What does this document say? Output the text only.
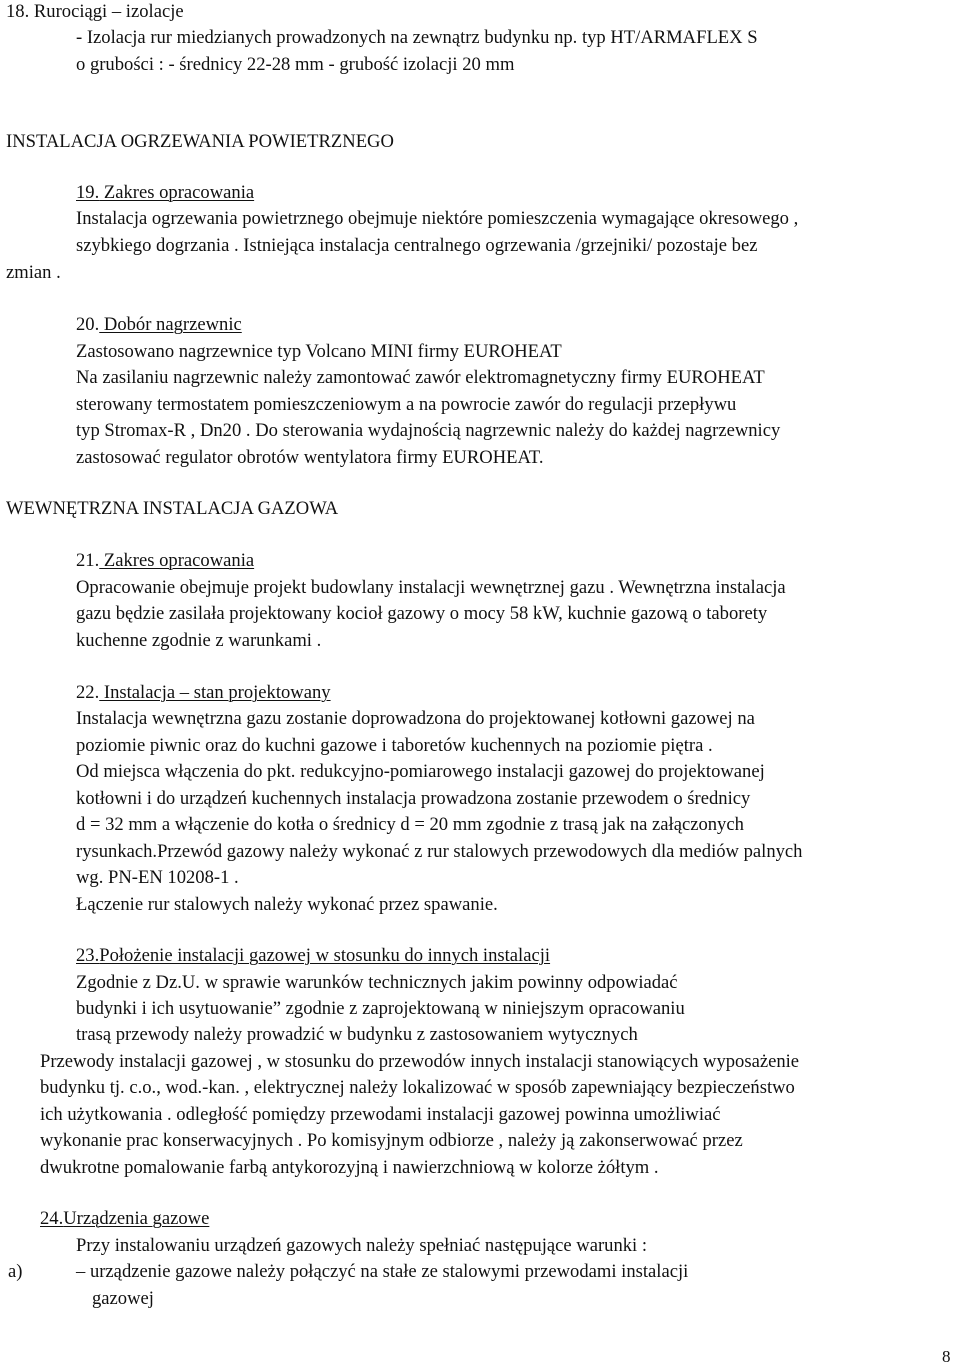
18. Rurociągi – izolacje
- Izolacja rur miedzianych prowadzonych na zewnątrz budynku np. typ HT/ARMAFLEX S
o grubości : - średnicy 22-28 mm - grubość izolacji 20 mm
INSTALACJA OGRZEWANIA POWIETRZNEGO
19. Zakres opracowania
Instalacja ogrzewania powietrznego obejmuje niektóre pomieszczenia wymagające okresowego ,
szybkiego dogrzania . Istniejąca instalacja centralnego ogrzewania /grzejniki/ pozostaje bez
zmian .
20. Dobór nagrzewnic
Zastosowano nagrzewnice typ Volcano MINI firmy EUROHEAT
Na zasilaniu nagrzewnic należy zamontować zawór elektromagnetyczny firmy EUROHEAT
sterowany termostatem pomieszczeniowym a na powrocie zawór do regulacji przepływu
typ Stromax-R , Dn20 . Do sterowania wydajnością nagrzewnic należy do każdej nagrzewnicy
zastosować regulator obrotów wentylatora firmy EUROHEAT.
WEWNĘTRZNA INSTALACJA GAZOWA
21. Zakres opracowania
Opracowanie obejmuje projekt budowlany instalacji wewnętrznej gazu . Wewnętrzna instalacja
gazu będzie zasilała projektowany kocioł gazowy o mocy 58 kW, kuchnie gazową o taborety
kuchenne zgodnie z warunkami .
22. Instalacja – stan projektowany
Instalacja wewnętrzna gazu zostanie doprowadzona do projektowanej kotłowni gazowej na
poziomie piwnic oraz do kuchni gazowe i taboretów kuchennych na poziomie piętra .
Od miejsca włączenia do pkt. redukcyjno-pomiarowego instalacji gazowej do projektowanej
kotłowni i do urządzeń kuchennych instalacja prowadzona zostanie przewodem o średnicy
d = 32 mm a włączenie do kotła o średnicy d = 20 mm zgodnie z trasą jak na załączonych
rysunkach.Przewód gazowy należy wykonać z rur stalowych przewodowych dla mediów palnych
wg. PN-EN 10208-1 .
Łączenie rur stalowych należy wykonać przez spawanie.
23.Położenie instalacji gazowej w stosunku do innych instalacji
Zgodnie z Dz.U. w sprawie warunków technicznych jakim powinny odpowiadać
budynki i ich usytuowanie” zgodnie z zaprojektowaną w niniejszym opracowaniu
trasą przewody należy prowadzić w budynku z zastosowaniem wytycznych
Przewody instalacji gazowej , w stosunku do przewodów innych instalacji stanowiących wyposażenie
budynku tj. c.o., wod.-kan. , elektrycznej należy lokalizować w sposób zapewniający bezpieczeństwo
ich użytkowania . odległość pomiędzy przewodami instalacji gazowej powinna umożliwiać
wykonanie prac konserwacyjnych . Po komisyjnym odbiorze , należy ją zakonserwować przez
dwukrotne pomalowanie farbą antykorozyjną i nawierzchniową w kolorze żółtym .
24.Urządzenia gazowe
Przy instalowaniu urządzeń gazowych należy spełniać następujące warunki :
a)	– urządzenie gazowe należy połączyć na stałe ze stalowymi przewodami instalacji
gazowej
8
